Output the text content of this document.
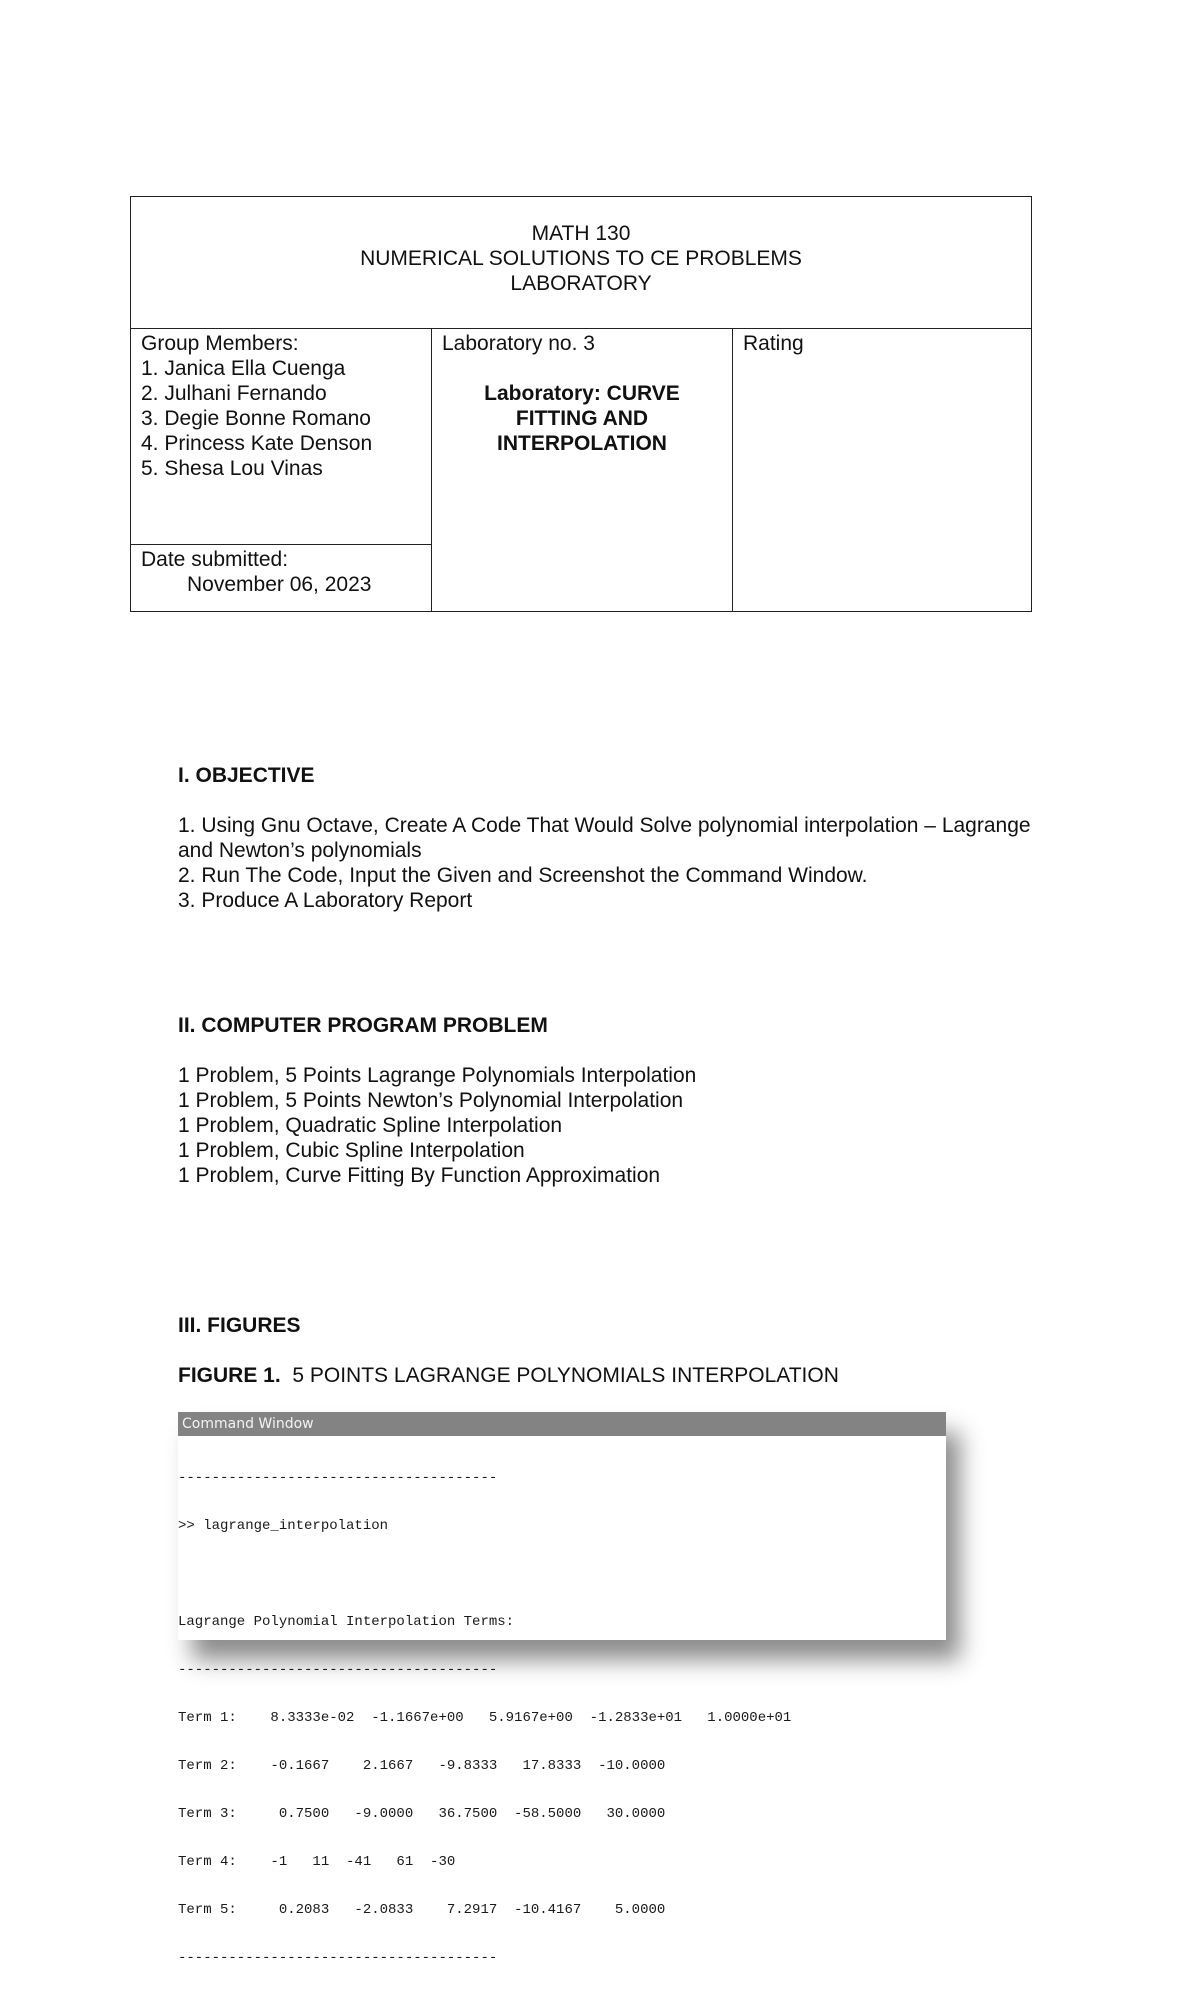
MATH 130
NUMERICAL SOLUTIONS TO CE PROBLEMS
LABORATORY
Group Members:
1. Janica Ella Cuenga
2. Julhani Fernando
3. Degie Bonne Romano
4. Princess Kate Denson
5. Shesa Lou Vinas
Date submitted:
November 06, 2023
Laboratory no. 3
Laboratory: CURVE FITTING AND INTERPOLATION
Rating
I. OBJECTIVE

1. Using Gnu Octave, Create A Code That Would Solve polynomial interpolation – Lagrange and Newton’s polynomials

2. Run The Code, Input the Given and Screenshot the Command Window.

3. Produce A Laboratory Report

II. COMPUTER PROGRAM PROBLEM

1 Problem, 5 Points Lagrange Polynomials Interpolation

1 Problem, 5 Points Newton’s Polynomial Interpolation

1 Problem, Quadratic Spline Interpolation

1 Problem, Cubic Spline Interpolation

1 Problem, Curve Fitting By Function Approximation

III. FIGURES

FIGURE 1. 5 POINTS LAGRANGE POLYNOMIALS INTERPOLATION

Command Window

--------------------------------------

>> lagrange_interpolation

Lagrange Polynomial Interpolation Terms:

--------------------------------------

Term 1:    8.3333e-02  -1.1667e+00   5.9167e+00  -1.2833e+01   1.0000e+01

Term 2:    -0.1667    2.1667   -9.8333   17.8333  -10.0000

Term 3:     0.7500   -9.0000   36.7500  -58.5000   30.0000

Term 4:    -1   11  -41   61  -30

Term 5:     0.2083   -2.0833    7.2917  -10.4167    5.0000

--------------------------------------
